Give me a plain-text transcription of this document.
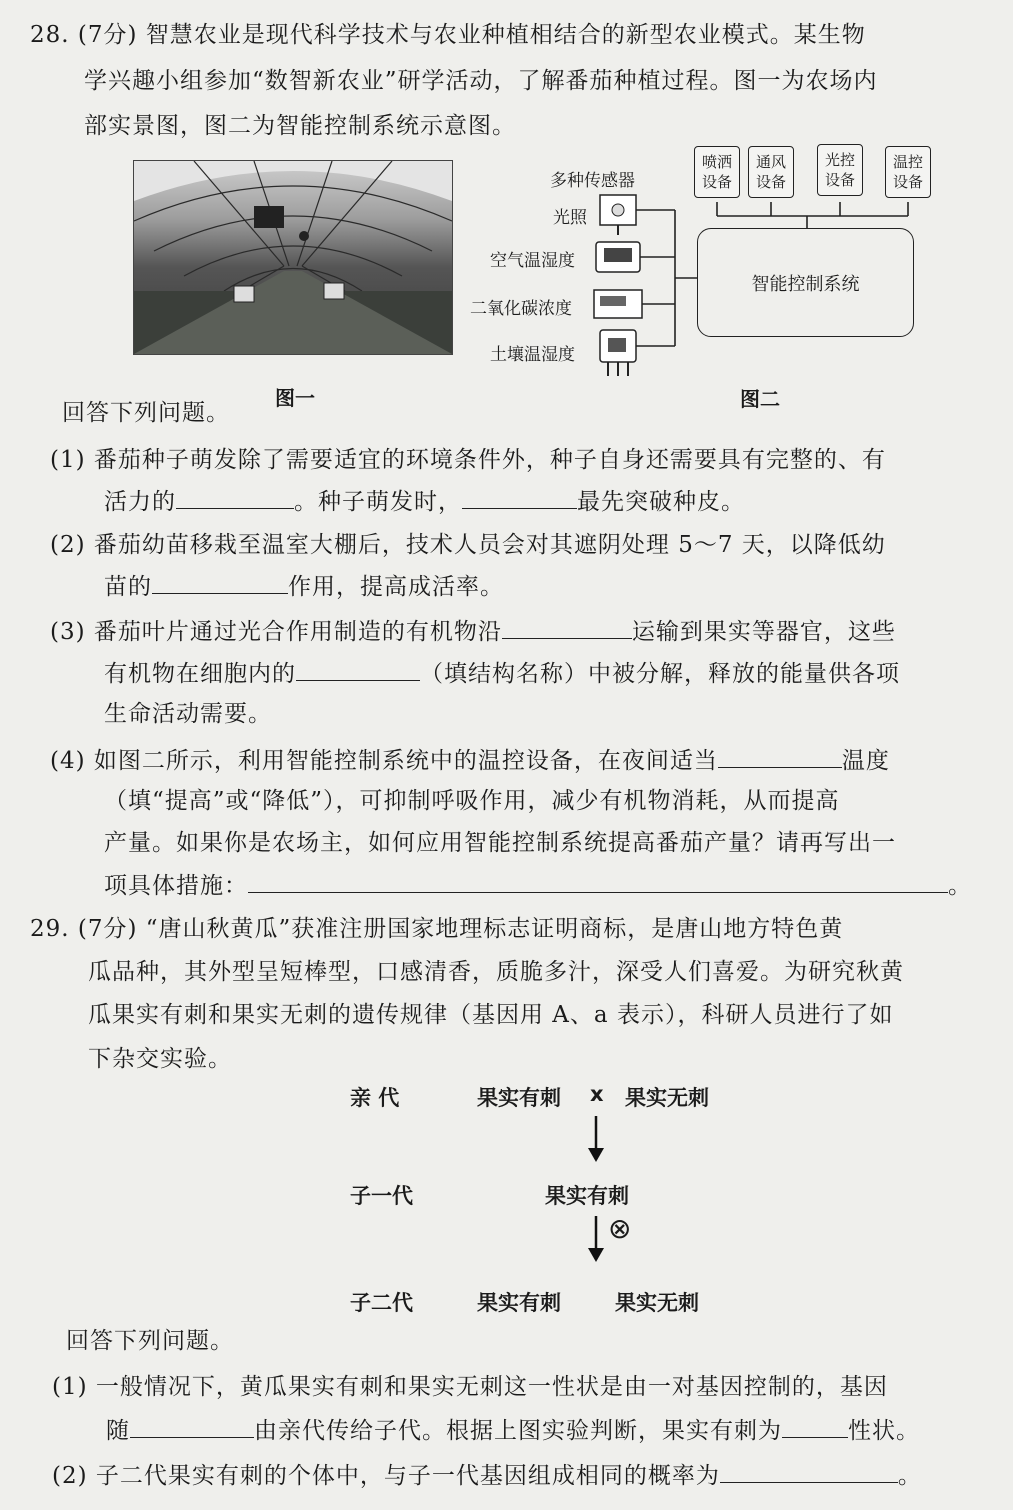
28. (7分) 智慧农业是现代科学技术与农业种植相结合的新型农业模式。某生物
学兴趣小组参加“数智新农业”研学活动，了解番茄种植过程。图一为农场内
部实景图，图二为智能控制系统示意图。
图一
多种传感器
光照
空气温湿度
二氧化碳浓度
土壤温湿度
喷洒设备
通风设备
光控设备
温控设备
智能控制系统
图二
回答下列问题。
(1) 番茄种子萌发除了需要适宜的环境条件外，种子自身还需要具有完整的、有
活力的	。种子萌发时，	最先突破种皮。
(2) 番茄幼苗移栽至温室大棚后，技术人员会对其遮阴处理 5～7 天，以降低幼
苗的	作用，提高成活率。
(3) 番茄叶片通过光合作用制造的有机物沿	运输到果实等器官，这些
有机物在细胞内的	（填结构名称）中被分解，释放的能量供各项
生命活动需要。
(4) 如图二所示，利用智能控制系统中的温控设备，在夜间适当	温度
（填“提高”或“降低”），可抑制呼吸作用，减少有机物消耗，从而提高
产量。如果你是农场主，如何应用智能控制系统提高番茄产量？请再写出一
项具体措施：	。
29. (7分) “唐山秋黄瓜”获准注册国家地理标志证明商标，是唐山地方特色黄
瓜品种，其外型呈短棒型，口感清香，质脆多汁，深受人们喜爱。为研究秋黄
瓜果实有刺和果实无刺的遗传规律（基因用 A、a 表示），科研人员进行了如
下杂交实验。
亲 代	果实有刺 x 果实无刺
子一代	果实有刺
⊗
子二代	果实有刺	果实无刺
回答下列问题。
(1) 一般情况下，黄瓜果实有刺和果实无刺这一性状是由一对基因控制的，基因
随	由亲代传给子代。根据上图实验判断，果实有刺为	性状。
(2) 子二代果实有刺的个体中，与子一代基因组成相同的概率为	。
